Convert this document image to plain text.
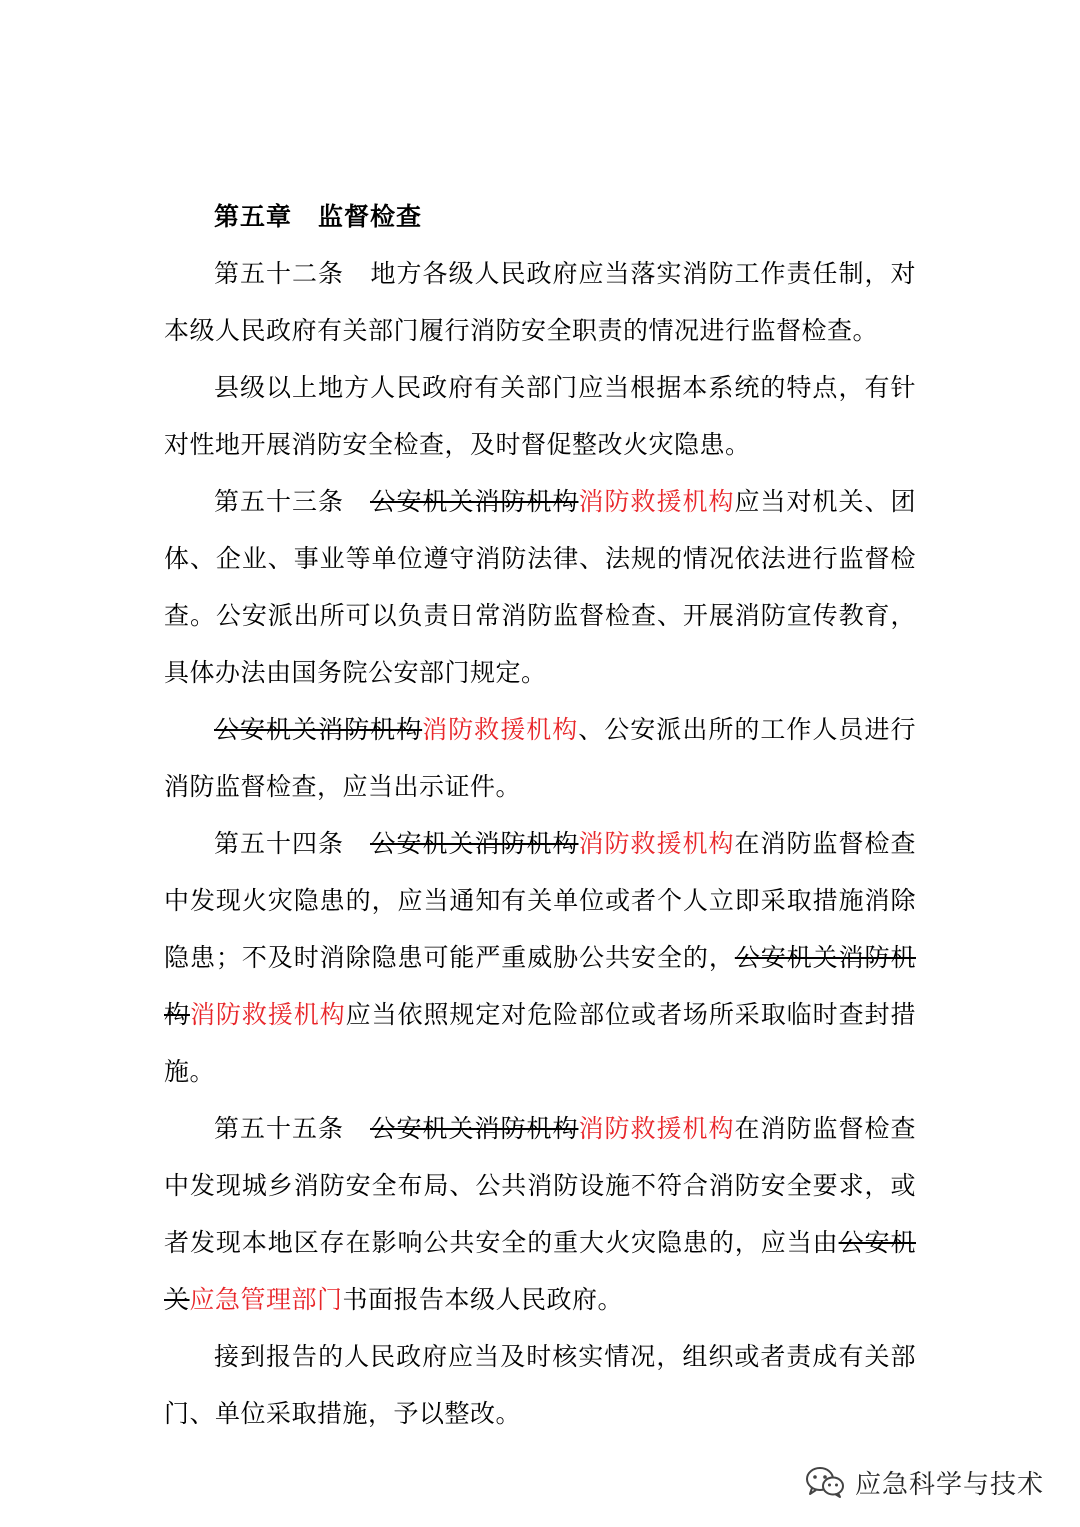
第五章　监督检查

第五十二条 地方各级人民政府应当落实消防工作责任制，对本级人民政府有关部门履行消防安全职责的情况进行监督检查。

县级以上地方人民政府有关部门应当根据本系统的特点，有针对性地开展消防安全检查，及时督促整改火灾隐患。

第五十三条 公安机关消防机构消防救援机构应当对机关、团体、企业、事业等单位遵守消防法律、法规的情况依法进行监督检查。公安派出所可以负责日常消防监督检查、开展消防宣传教育，具体办法由国务院公安部门规定。

公安机关消防机构消防救援机构、公安派出所的工作人员进行消防监督检查，应当出示证件。

第五十四条 公安机关消防机构消防救援机构在消防监督检查中发现火灾隐患的，应当通知有关单位或者个人立即采取措施消除隐患；不及时消除隐患可能严重威胁公共安全的，公安机关消防机构消防救援机构应当依照规定对危险部位或者场所采取临时查封措施。

第五十五条 公安机关消防机构消防救援机构在消防监督检查中发现城乡消防安全布局、公共消防设施不符合消防安全要求，或者发现本地区存在影响公共安全的重大火灾隐患的，应当由公安机关应急管理部门书面报告本级人民政府。

接到报告的人民政府应当及时核实情况，组织或者责成有关部门、单位采取措施，予以整改。

应急科学与技术
